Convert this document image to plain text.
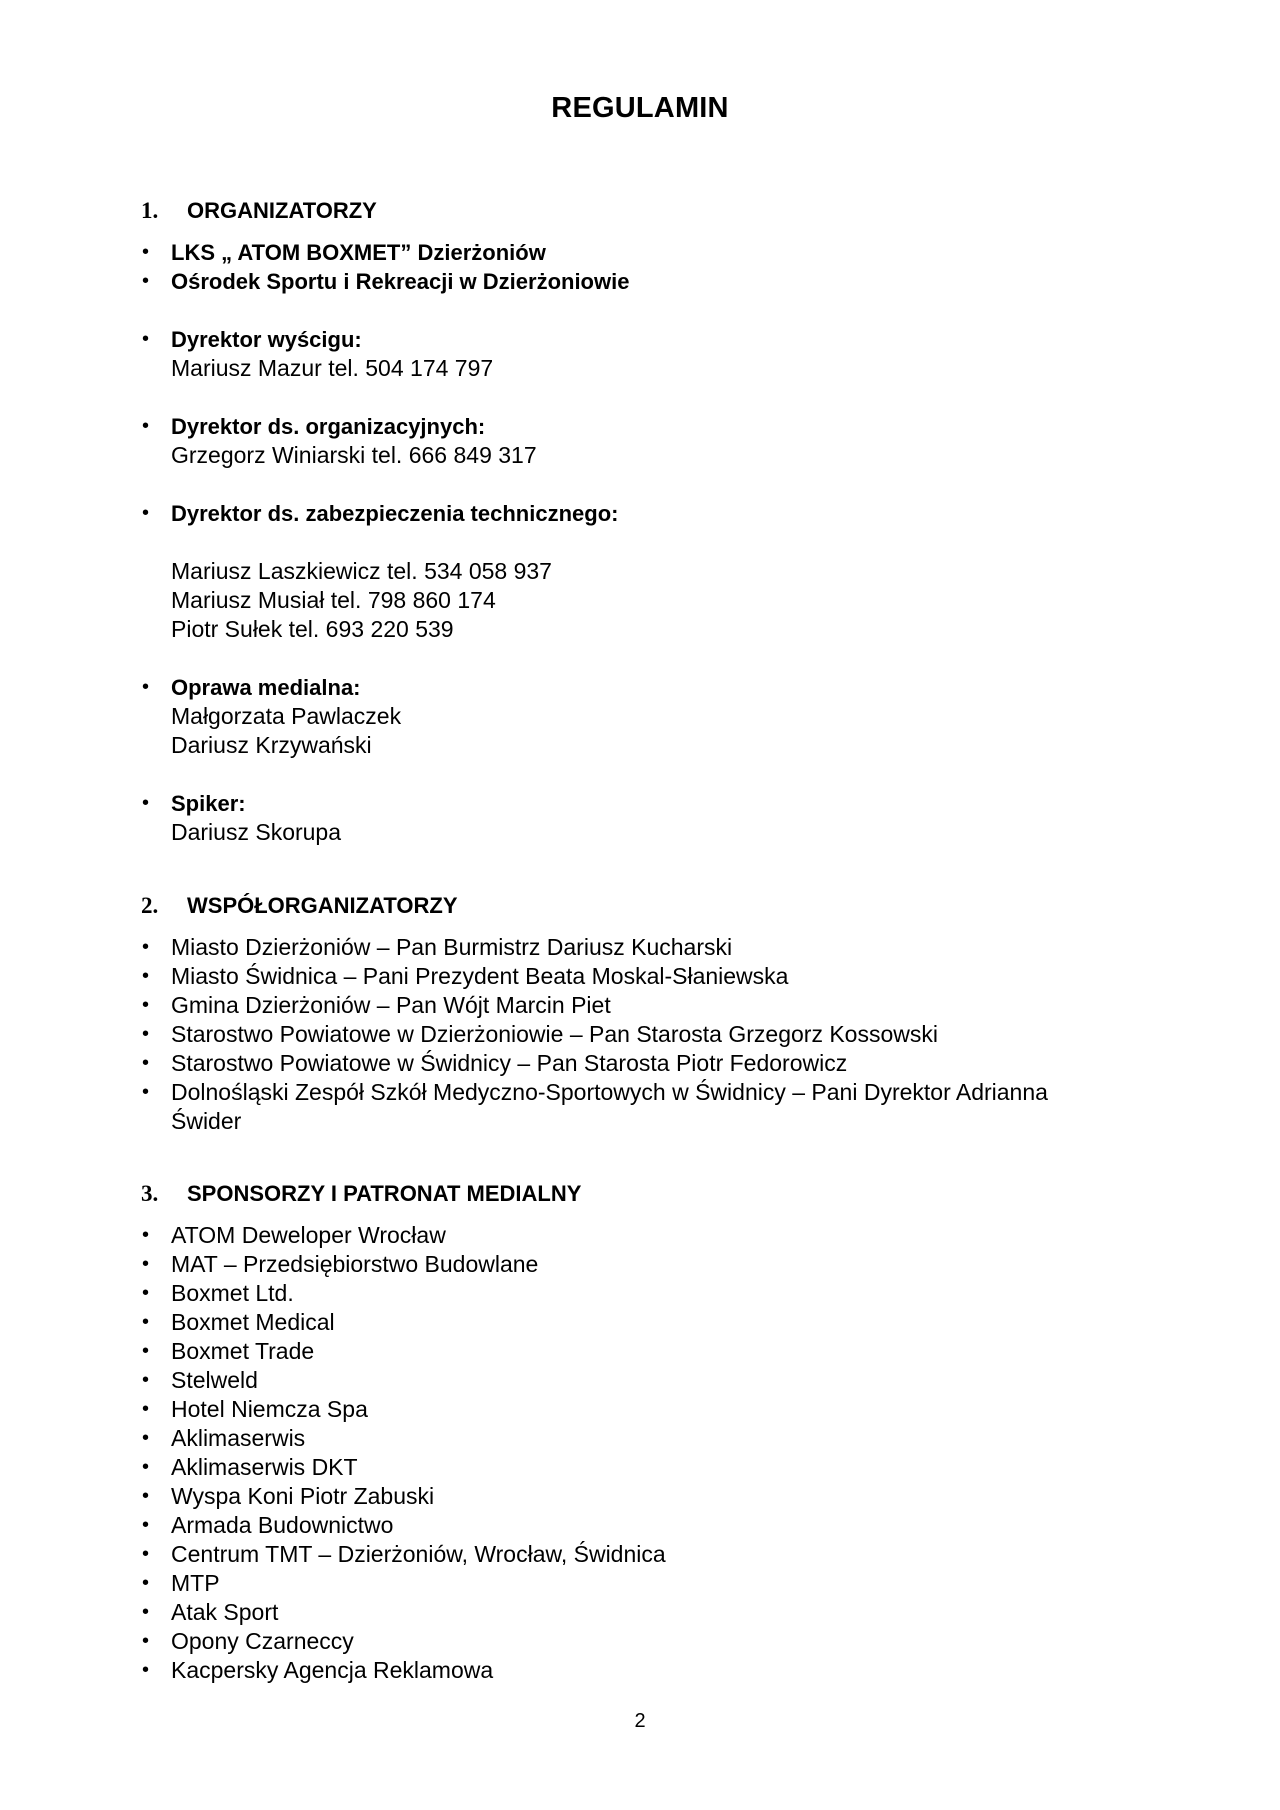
REGULAMIN
1. ORGANIZATORZY
• LKS „ ATOM BOXMET” Dzierżoniów
• Ośrodek Sportu i Rekreacji w Dzierżoniowie
• Dyrektor wyścigu:
Mariusz Mazur tel. 504 174 797
• Dyrektor ds. organizacyjnych:
Grzegorz Winiarski tel. 666 849 317
• Dyrektor ds. zabezpieczenia technicznego:
Mariusz Laszkiewicz tel. 534 058 937
Mariusz Musiał tel. 798 860 174
Piotr Sułek tel. 693 220 539
• Oprawa medialna:
Małgorzata Pawlaczek
Dariusz Krzywański
• Spiker:
Dariusz Skorupa
2. WSPÓŁORGANIZATORZY
• Miasto Dzierżoniów – Pan Burmistrz Dariusz Kucharski
• Miasto Świdnica – Pani Prezydent Beata Moskal-Słaniewska
• Gmina Dzierżoniów – Pan Wójt Marcin Piet
• Starostwo Powiatowe w Dzierżoniowie – Pan Starosta Grzegorz Kossowski
• Starostwo Powiatowe w Świdnicy – Pan Starosta Piotr Fedorowicz
• Dolnośląski Zespół Szkół Medyczno-Sportowych w Świdnicy – Pani Dyrektor Adrianna
Świder
3. SPONSORZY I PATRONAT MEDIALNY
• ATOM Deweloper Wrocław
• MAT – Przedsiębiorstwo Budowlane
• Boxmet Ltd.
• Boxmet Medical
• Boxmet Trade
• Stelweld
• Hotel Niemcza Spa
• Aklimaserwis
• Aklimaserwis DKT
• Wyspa Koni Piotr Zabuski
• Armada Budownictwo
• Centrum TMT – Dzierżoniów, Wrocław, Świdnica
• MTP
• Atak Sport
• Opony Czarneccy
• Kacpersky Agencja Reklamowa
2
